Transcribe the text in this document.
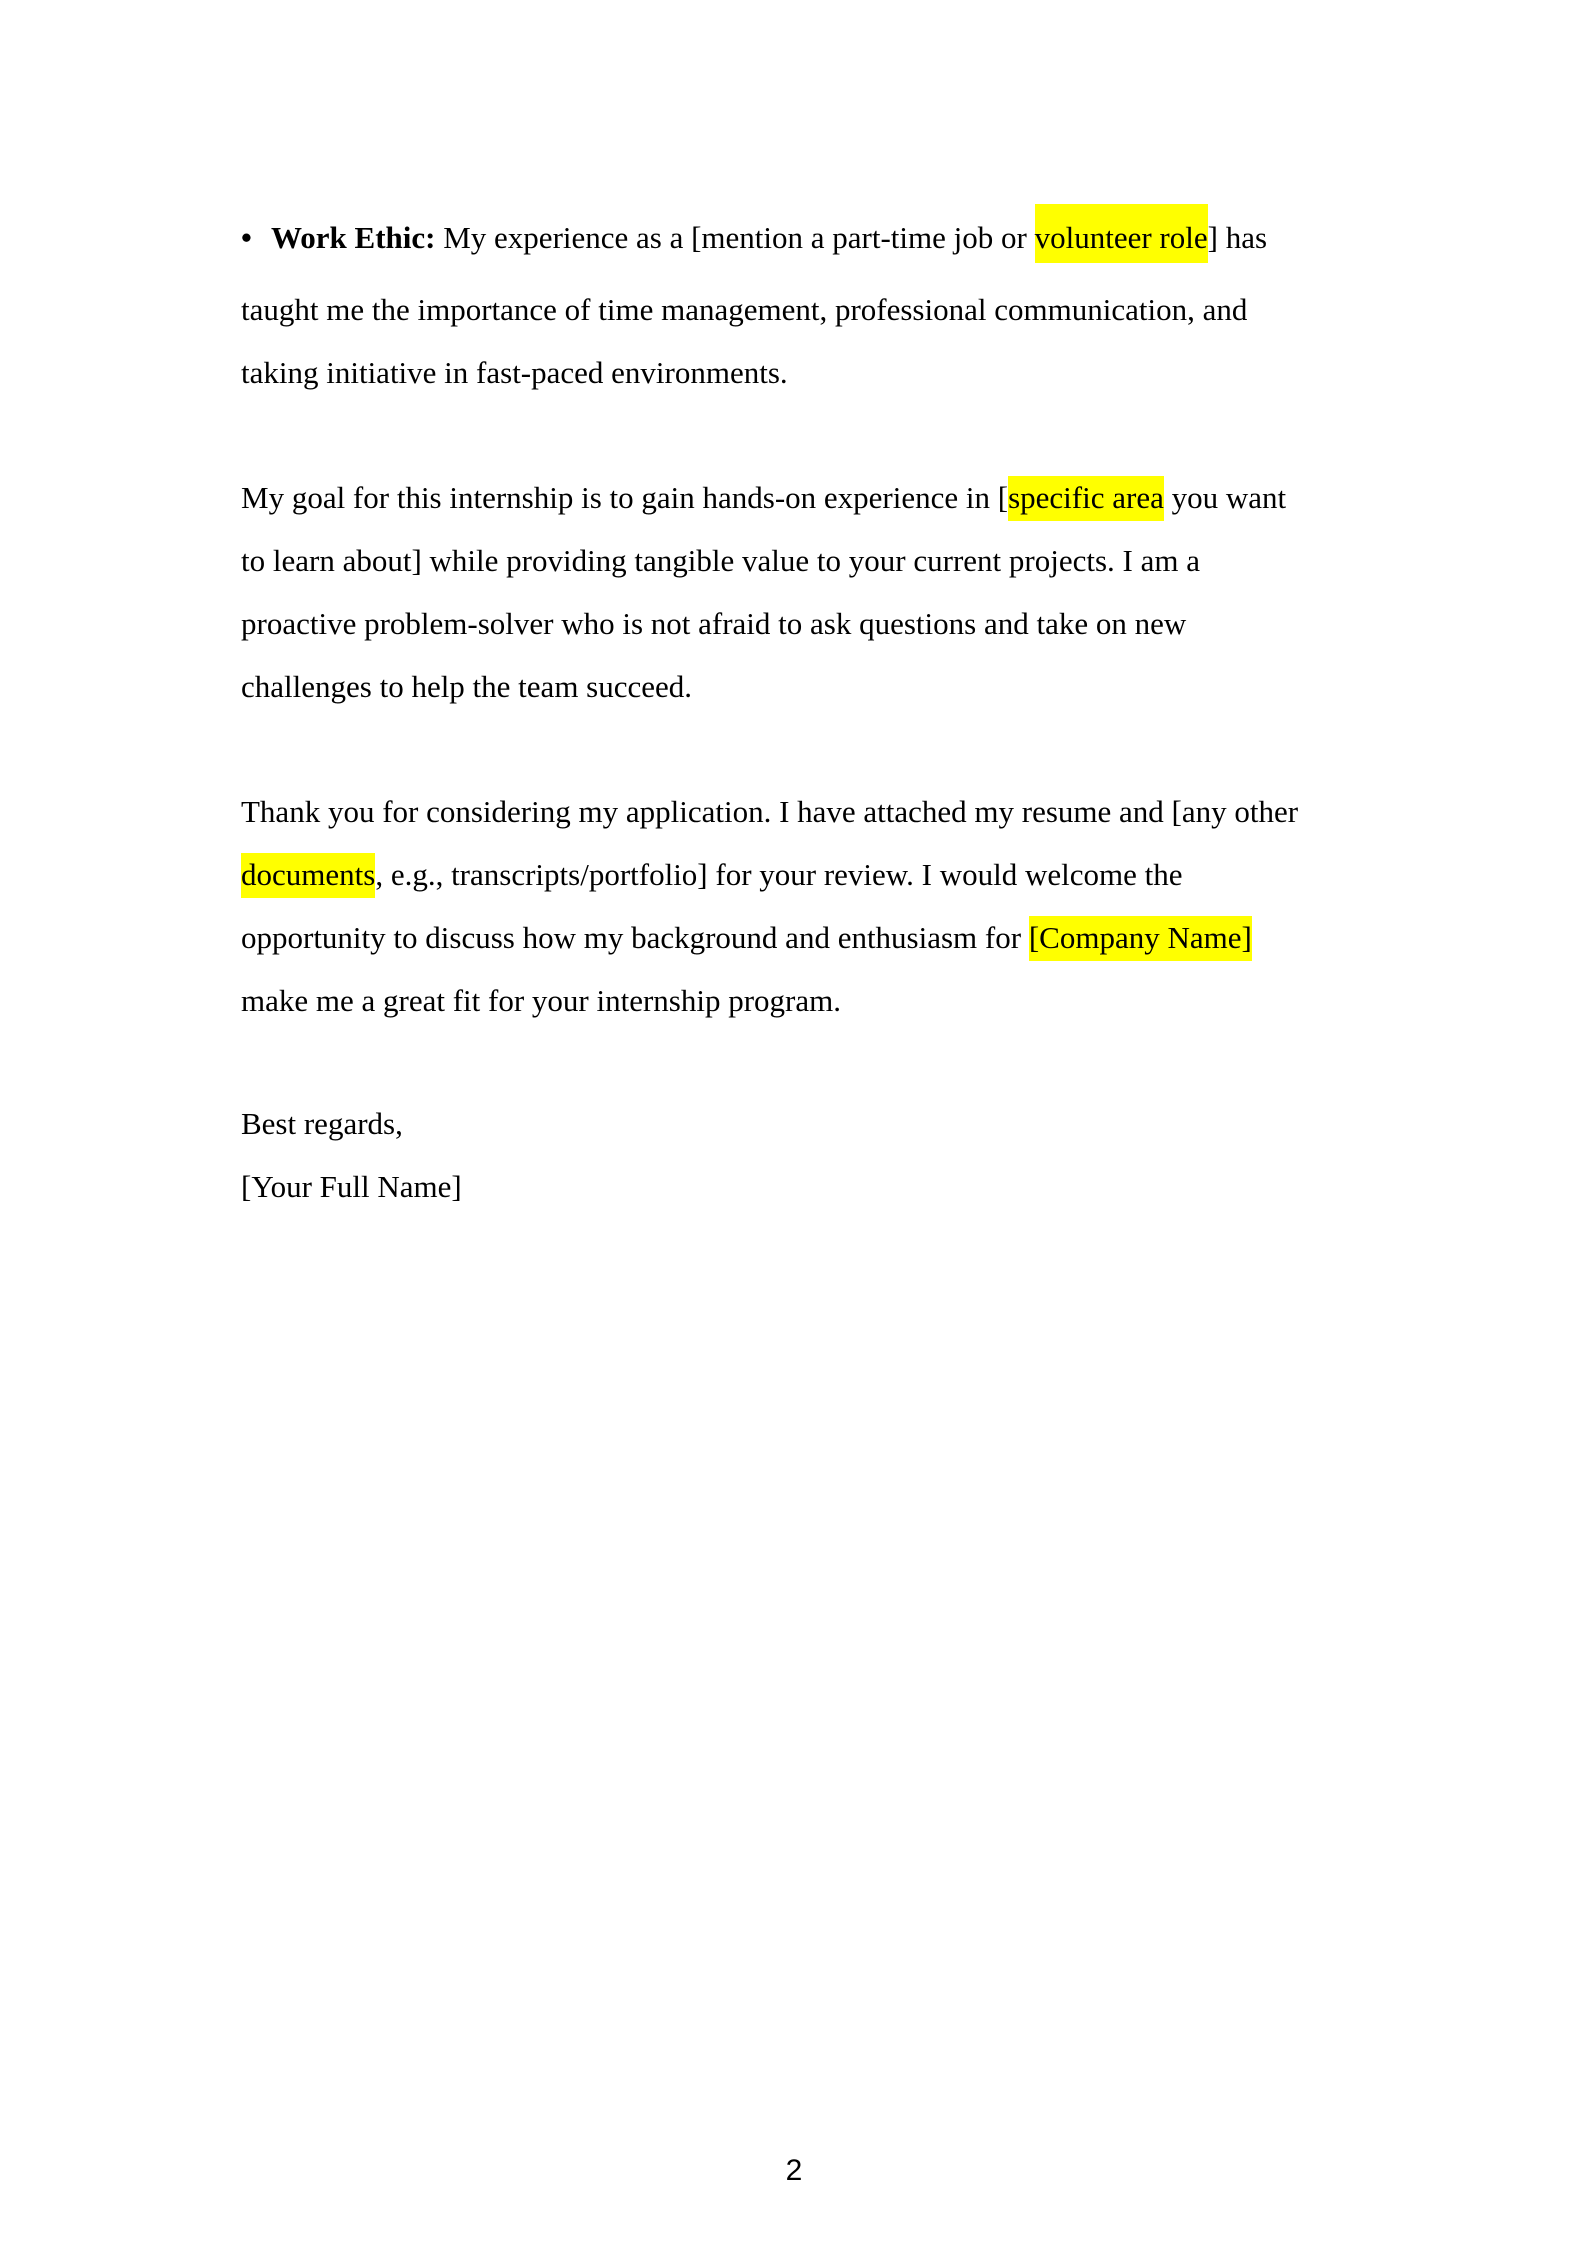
• Work Ethic: My experience as a [mention a part-time job or volunteer role] has
taught me the importance of time management, professional communication, and
taking initiative in fast-paced environments.
My goal for this internship is to gain hands-on experience in [specific area you want
to learn about] while providing tangible value to your current projects. I am a
proactive problem-solver who is not afraid to ask questions and take on new
challenges to help the team succeed.
Thank you for considering my application. I have attached my resume and [any other
documents, e.g., transcripts/portfolio] for your review. I would welcome the
opportunity to discuss how my background and enthusiasm for [Company Name]
make me a great fit for your internship program.
Best regards,
[Your Full Name]
2
